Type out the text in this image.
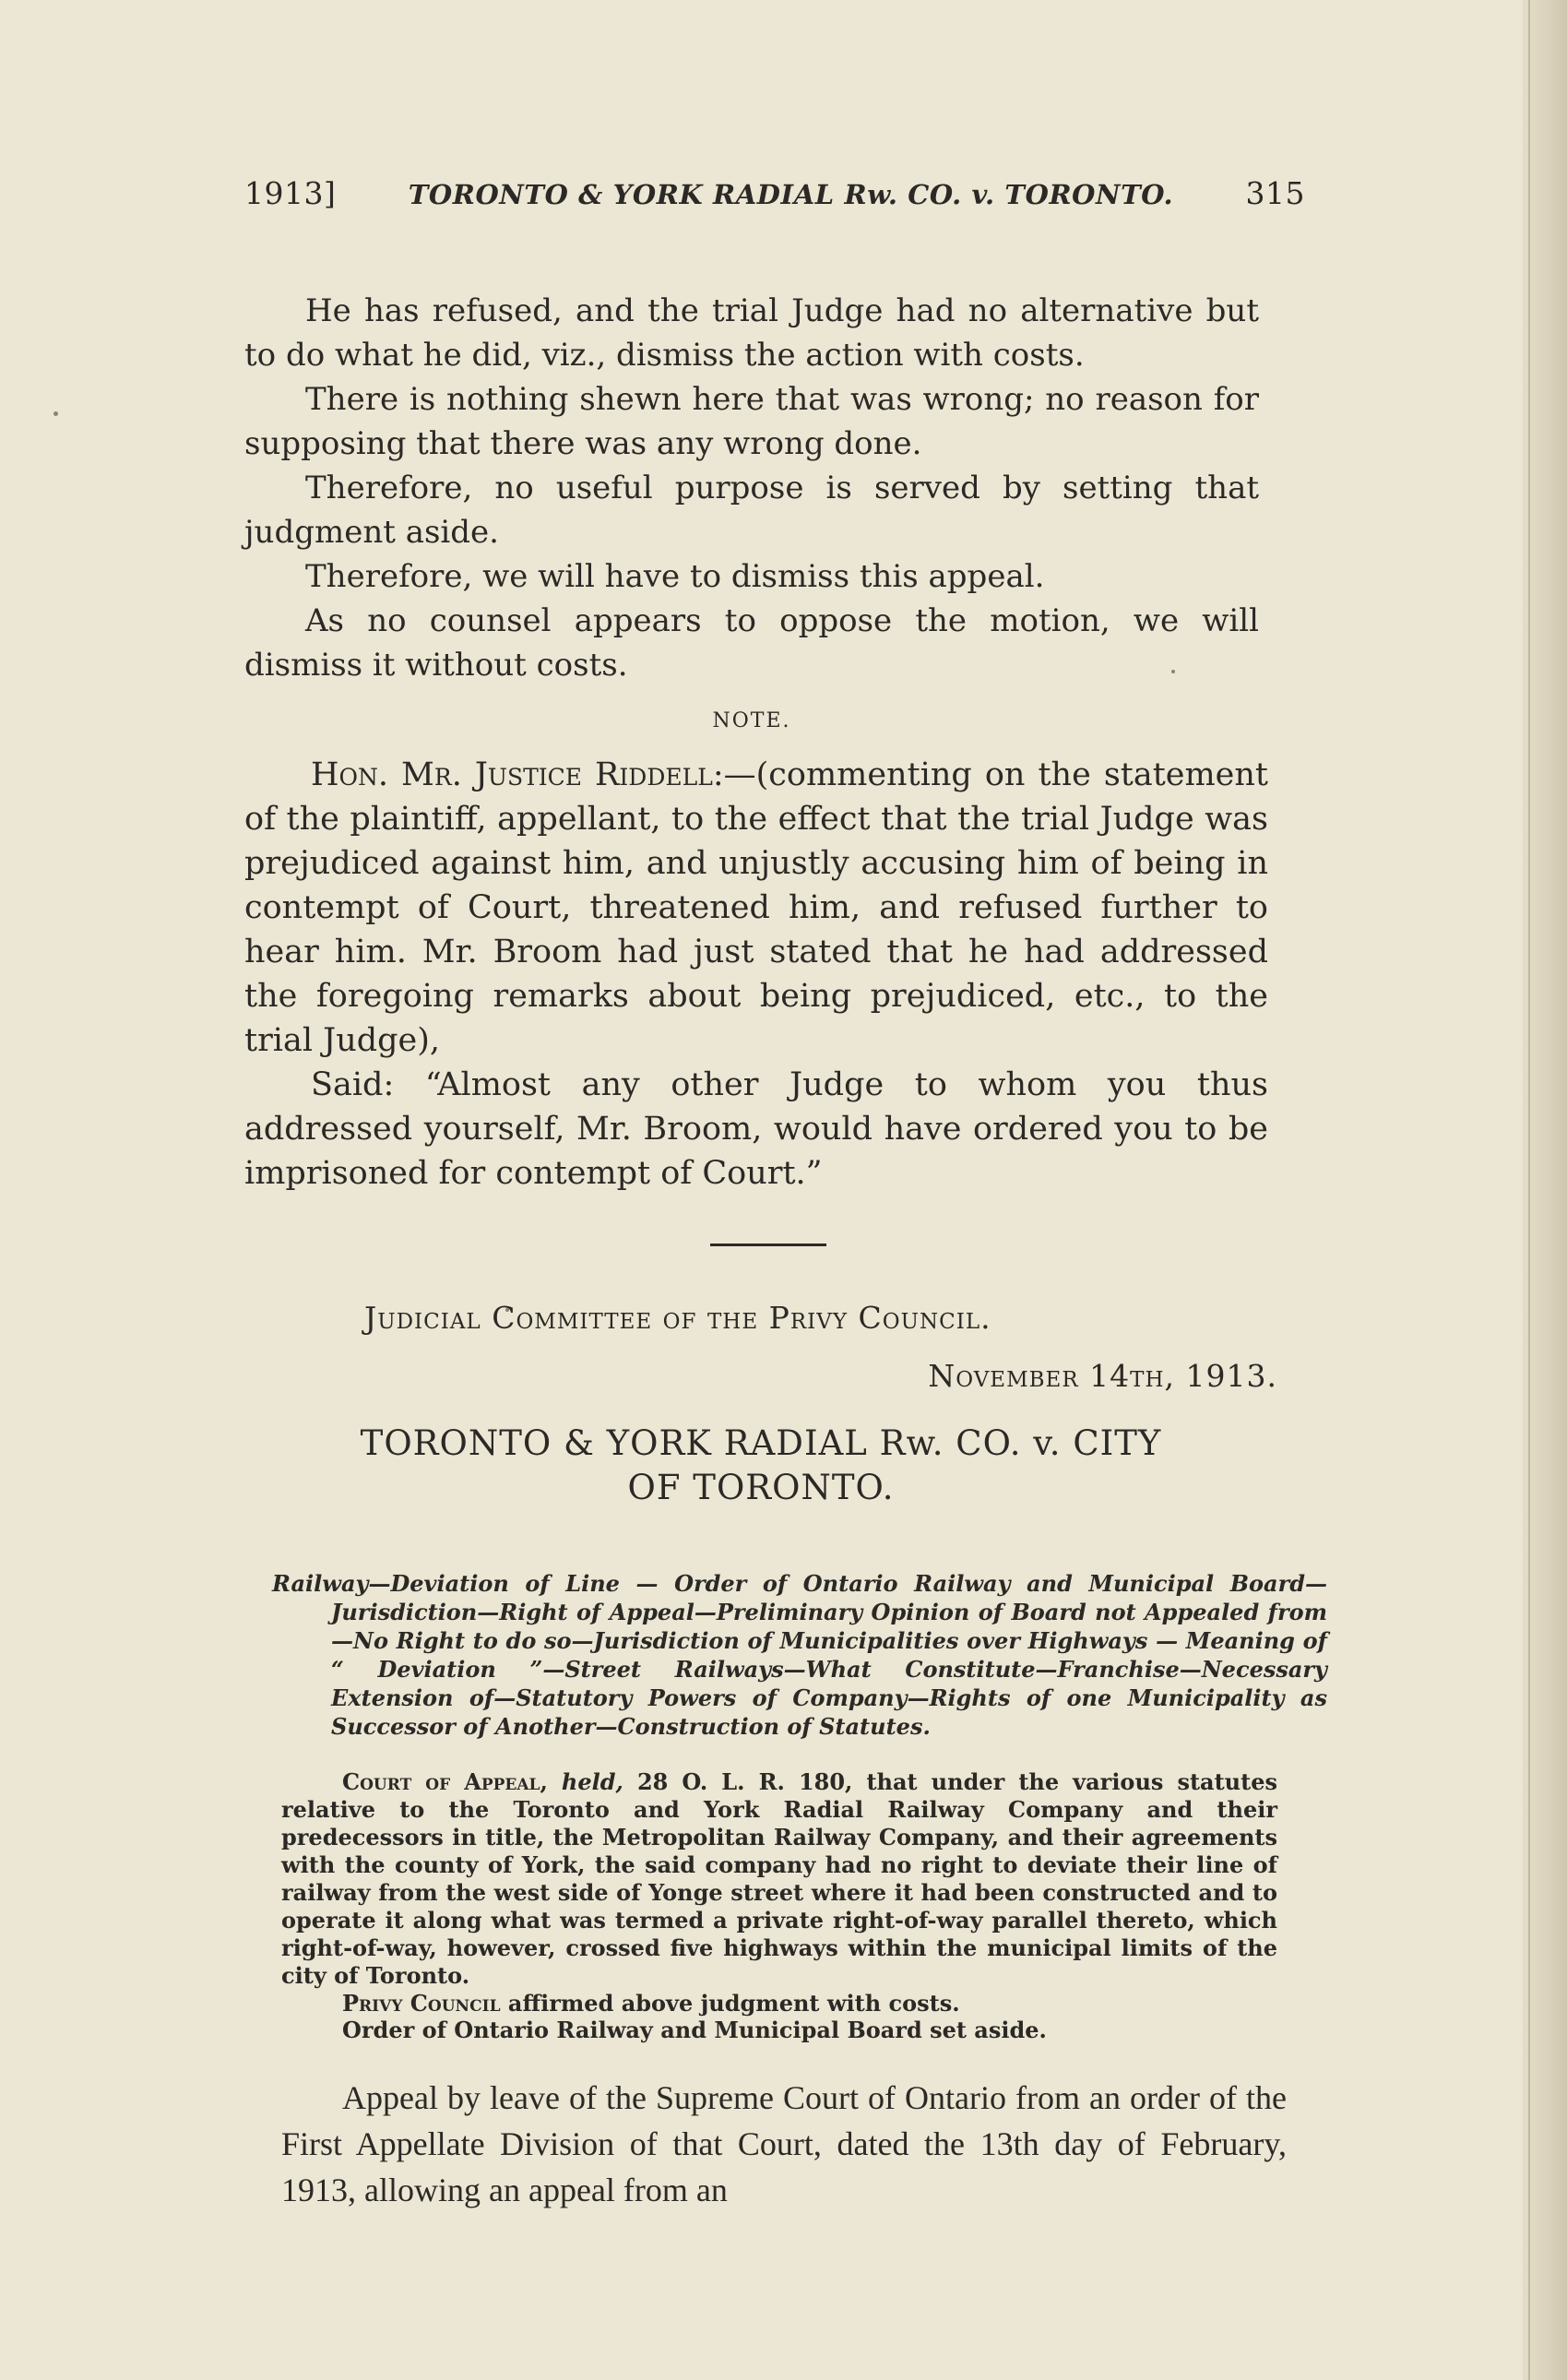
1913]	TORONTO & YORK RADIAL Rw. CO. v. TORONTO. 315

He has refused, and the trial Judge had no alternative but to do what he did, viz., dismiss the action with costs.

There is nothing shewn here that was wrong; no reason for supposing that there was any wrong done.

Therefore, no useful purpose is served by setting that judgment aside.

Therefore, we will have to dismiss this appeal.

As no counsel appears to oppose the motion, we will dismiss it without costs.

NOTE.

Hon. Mr. Justice Riddell:—(commenting on the statement of the plaintiff, appellant, to the effect that the trial Judge was prejudiced against him, and unjustly accusing him of being in contempt of Court, threatened him, and refused further to hear him. Mr. Broom had just stated that he had addressed the foregoing remarks about being prejudiced, etc., to the trial Judge),

Said: “Almost any other Judge to whom you thus addressed yourself, Mr. Broom, would have ordered you to be imprisoned for contempt of Court.”

Judicial Committee of the Privy Council.
November 14th, 1913.
TORONTO & YORK RADIAL Rw. CO. v. CITY
OF TORONTO.
Railway—Deviation of Line — Order of Ontario Railway and Municipal Board—Jurisdiction—Right of Appeal—Preliminary Opinion of Board not Appealed from—No Right to do so—Jurisdiction of Municipalities over Highways — Meaning of “ Deviation ”—Street Railways—What Constitute—Franchise—Necessary Extension of—Statutory Powers of Company—Rights of one Municipality as Successor of Another—Construction of Statutes.
Court of Appeal, held, 28 O. L. R. 180, that under the various statutes relative to the Toronto and York Radial Railway Company and their predecessors in title, the Metropolitan Railway Company, and their agreements with the county of York, the said company had no right to deviate their line of railway from the west side of Yonge street where it had been constructed and to operate it along what was termed a private right-of-way parallel thereto, which right-of-way, however, crossed five highways within the municipal limits of the city of Toronto.
Privy Council affirmed above judgment with costs.
Order of Ontario Railway and Municipal Board set aside.
Appeal by leave of the Supreme Court of Ontario from an order of the First Appellate Division of that Court, dated the 13th day of February, 1913, allowing an appeal from an
